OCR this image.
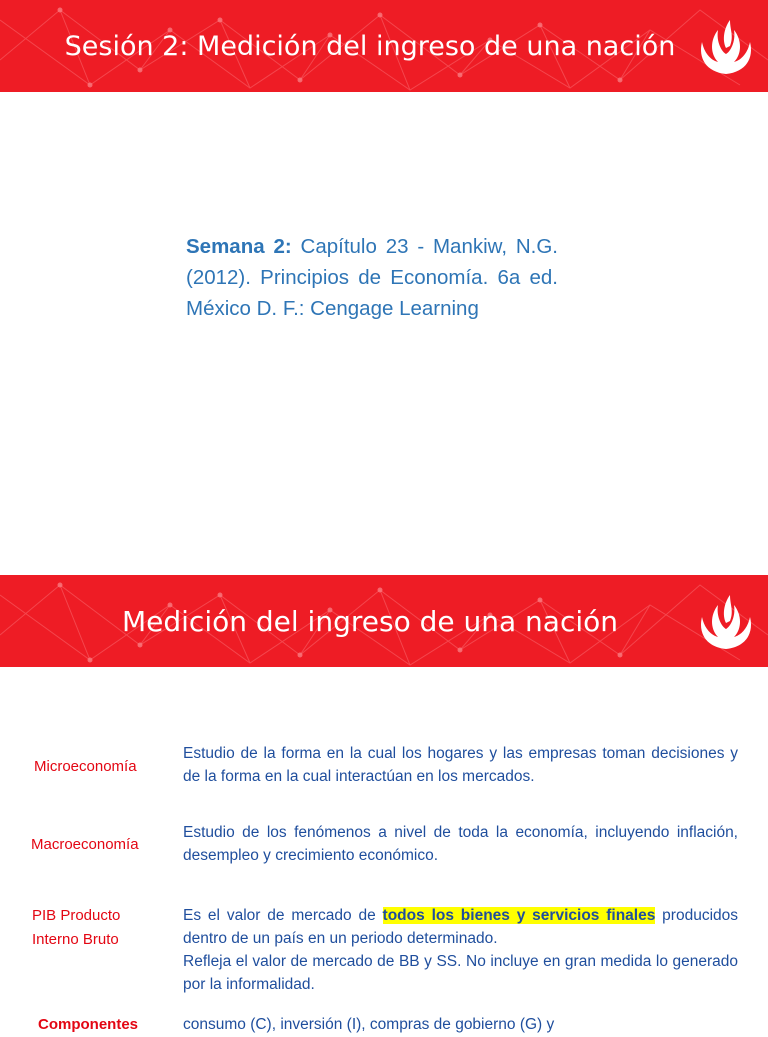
Sesión 2: Medición del ingreso de una nación
Semana 2: Capítulo 23 - Mankiw, N.G. (2012). Principios de Economía. 6a ed. México D. F.: Cengage Learning
Medición del ingreso de una nación
Microeconomía
Estudio de la forma en la cual los hogares y las empresas toman decisiones y de la forma en la cual interactúan en los mercados.
Macroeconomía
Estudio de los fenómenos a nivel de toda la economía, incluyendo inflación, desempleo y crecimiento económico.
PIB Producto Interno Bruto
Es el valor de mercado de todos los bienes y servicios finales producidos dentro de un país en un periodo determinado.
Refleja el valor de mercado de BB y SS. No incluye en gran medida lo generado por la informalidad.
Componentes	consumo (C), inversión (I), compras de gobierno (G) y
